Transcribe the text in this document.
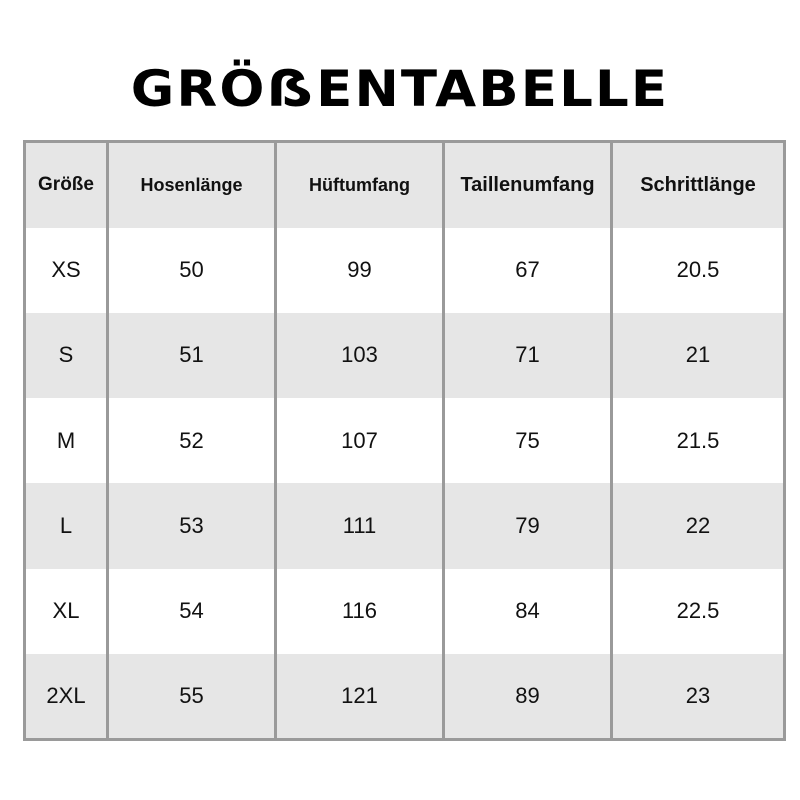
GRÖẞENTABELLE
Größe	Hosenlänge	Hüftumfang	Taillenumfang	Schrittlänge
XS	50	99	67	20.5
S	51	103	71	21
M	52	107	75	21.5
L	53	111	79	22
XL	54	116	84	22.5
2XL	55	121	89	23
